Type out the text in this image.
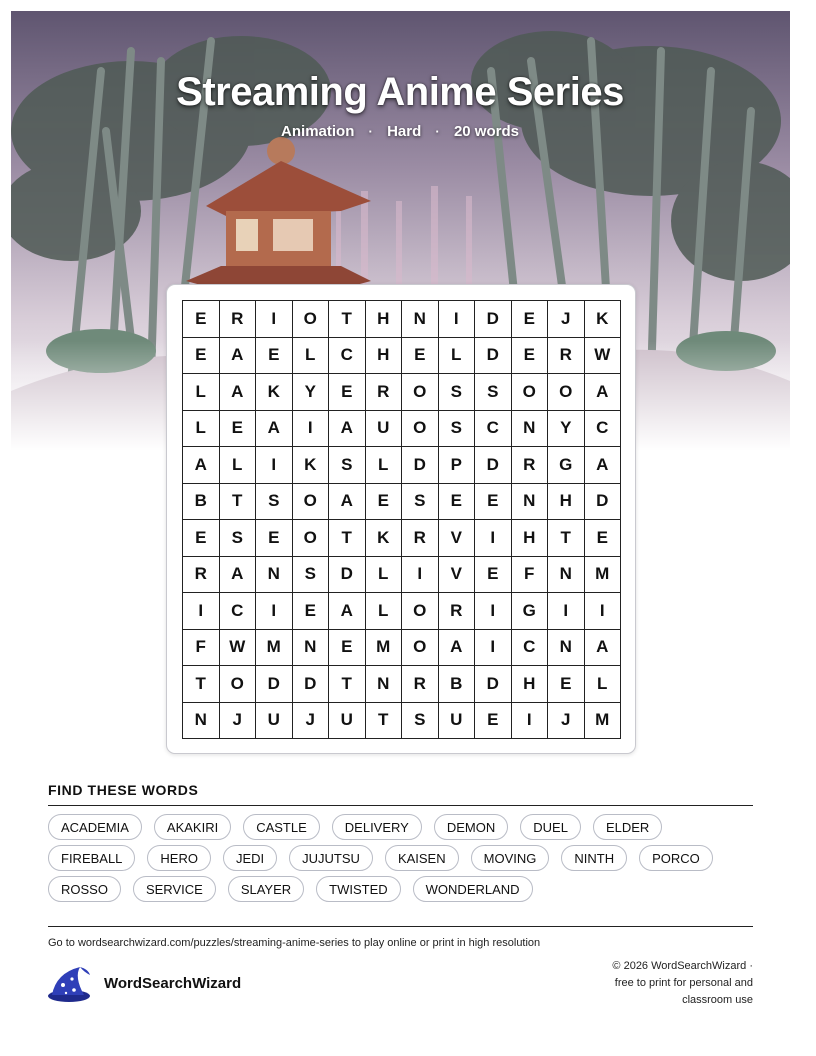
Streaming Anime Series
Animation · Hard · 20 words
E	R	I	O	T	H	N	I	D	E	J	K
E	A	E	L	C	H	E	L	D	E	R	W
L	A	K	Y	E	R	O	S	S	O	O	A
L	E	A	I	A	U	O	S	C	N	Y	C
A	L	I	K	S	L	D	P	D	R	G	A
B	T	S	O	A	E	S	E	E	N	H	D
E	S	E	O	T	K	R	V	I	H	T	E
R	A	N	S	D	L	I	V	E	F	N	M
I	C	I	E	A	L	O	R	I	G	I	I
F	W	M	N	E	M	O	A	I	C	N	A
T	O	D	D	T	N	R	B	D	H	E	L
N	J	U	J	U	T	S	U	E	I	J	M
FIND THESE WORDS
ACADEMIA	AKAKIRI	CASTLE	DELIVERY	DEMON	DUEL	ELDER
FIREBALL	HERO	JEDI	JUJUTSU	KAISEN	MOVING	NINTH	PORCO
ROSSO	SERVICE	SLAYER	TWISTED	WONDERLAND
Go to wordsearchwizard.com/puzzles/streaming-anime-series to play online or print in high resolution
WordSearchWizard
© 2026 WordSearchWizard ·
free to print for personal and
classroom use
